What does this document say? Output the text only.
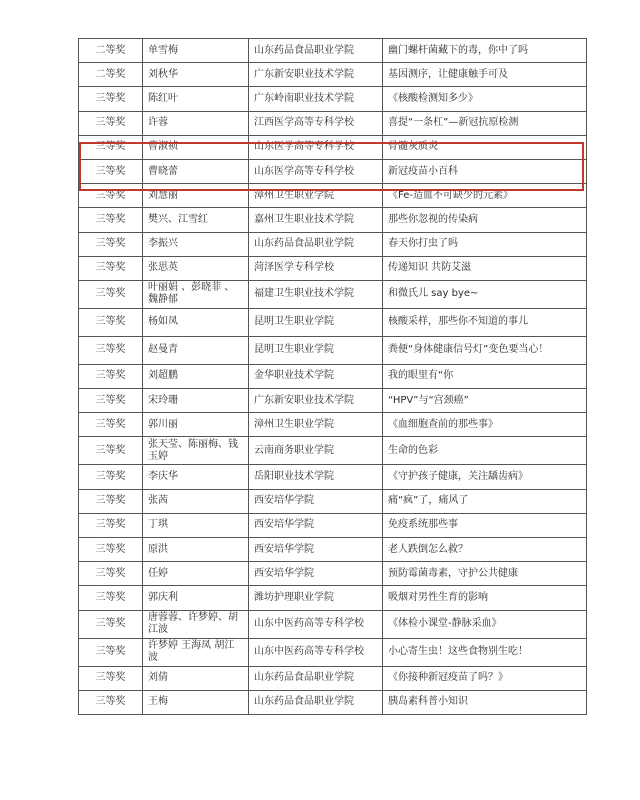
二等奖	单雪梅	山东药品食品职业学院	幽门螺杆菌藏下的毒，你中了吗
二等奖	刘秋华	广东新安职业技术学院	基因测序，让健康触手可及
三等奖	陈红叶	广东岭南职业技术学院	《核酸检测知多少》
三等奖	许蓉	江西医学高等专科学校	喜提“一条杠”—新冠抗原检测
三等奖	曹淑祯	山东医学高等专科学校	骨髓灰质炎
三等奖	曹晓蕾	山东医学高等专科学校	新冠疫苗小百科
三等奖	刘慧丽	漳州卫生职业学院	《Fe-造血不可缺少的元素》
三等奖	樊兴、江雪红	嘉州卫生职业技术学院	那些你忽视的传染病
三等奖	李振兴	山东药品食品职业学院	春天你打虫了吗
三等奖	张思英	菏泽医学专科学校	传递知识 共防艾滋
三等奖	叶丽娟 、彭晓菲 、魏静郁	福建卫生职业技术学院	和微氏儿 say bye~
三等奖	杨如凤	昆明卫生职业学院	核酸采样，那些你不知道的事儿
三等奖	赵曼青	昆明卫生职业学院	粪便“身体健康信号灯”变色要当心！
三等奖	刘超鹏	金华职业技术学院	我的眼里有“你
三等奖	宋玲珊	广东新安职业技术学院	“HPV”与“宫颈癌”
三等奖	郭川丽	漳州卫生职业学院	《血细胞查前的那些事》
三等奖	张天莹、陈丽梅、钱玉婷	云南商务职业学院	生命的色彩
三等奖	李庆华	岳阳职业技术学院	《守护孩子健康，关注龋齿病》
三等奖	张茜	西安培华学院	痛“疯”了，痛风了
三等奖	丁琪	西安培华学院	免疫系统那些事
三等奖	原洪	西安培华学院	老人跌倒怎么救？
三等奖	任婷	西安培华学院	预防霉菌毒素，守护公共健康
三等奖	郭庆利	潍坊护理职业学院	吸烟对男性生育的影响
三等奖	唐蓉蓉、许梦婷、胡江波	山东中医药高等专科学校	《体检小课堂-静脉采血》
三等奖	许梦婷 王海凤 胡江波	山东中医药高等专科学校	小心寄生虫！这些食物别生吃！
三等奖	刘倩	山东药品食品职业学院	《你接种新冠疫苗了吗？》
三等奖	王梅	山东药品食品职业学院	胰岛素科普小知识
